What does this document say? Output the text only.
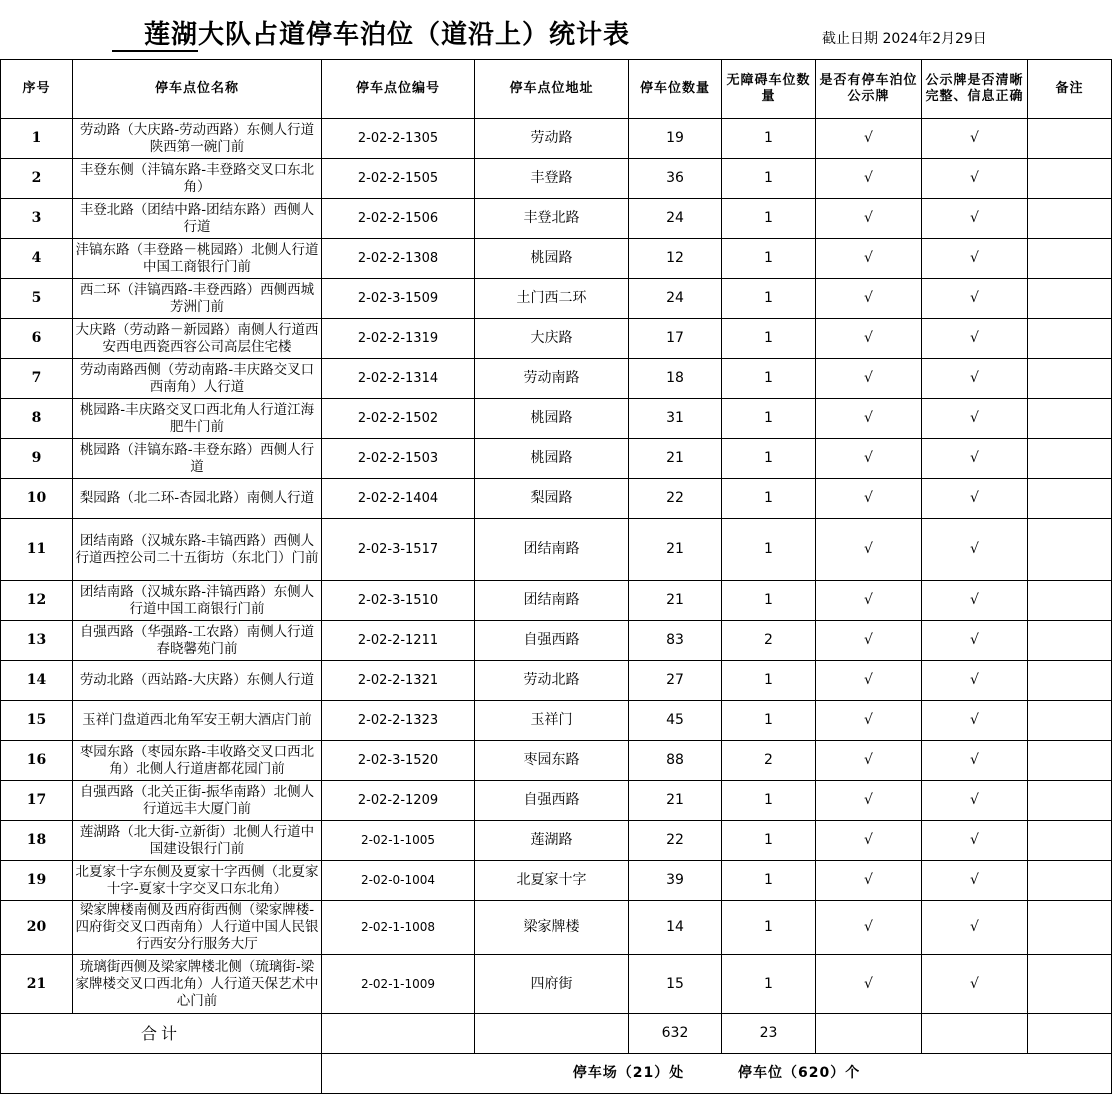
莲湖大队占道停车泊位（道沿上）统计表	截止日期 2024年2月29日
序号	停车点位名称	停车点位编号	停车点位地址	停车位数量	无障碍车位数量	是否有停车泊位公示牌	公示牌是否清晰完整、信息正确	备注
1	劳动路（大庆路-劳动西路）东侧人行道陕西第一碗门前	2-02-2-1305	劳动路	19	1	√	√	
2	丰登东侧（沣镐东路-丰登路交叉口东北角）	2-02-2-1505	丰登路	36	1	√	√	
3	丰登北路（团结中路-团结东路）西侧人行道	2-02-2-1506	丰登北路	24	1	√	√	
4	沣镐东路（丰登路－桃园路）北侧人行道中国工商银行门前	2-02-2-1308	桃园路	12	1	√	√	
5	西二环（沣镐西路-丰登西路）西侧西城芳洲门前	2-02-3-1509	土门西二环	24	1	√	√	
6	大庆路（劳动路－新园路）南侧人行道西安西电西瓷西容公司高层住宅楼	2-02-2-1319	大庆路	17	1	√	√	
7	劳动南路西侧（劳动南路-丰庆路交叉口西南角）人行道	2-02-2-1314	劳动南路	18	1	√	√	
8	桃园路-丰庆路交叉口西北角人行道江海肥牛门前	2-02-2-1502	桃园路	31	1	√	√	
9	桃园路（沣镐东路-丰登东路）西侧人行道	2-02-2-1503	桃园路	21	1	√	√	
10	梨园路（北二环-杏园北路）南侧人行道	2-02-2-1404	梨园路	22	1	√	√	
11	团结南路（汉城东路-丰镐西路）西侧人行道西控公司二十五街坊（东北门）门前	2-02-3-1517	团结南路	21	1	√	√	
12	团结南路（汉城东路-沣镐西路）东侧人行道中国工商银行门前	2-02-3-1510	团结南路	21	1	√	√	
13	自强西路（华强路-工农路）南侧人行道春晓馨苑门前	2-02-2-1211	自强西路	83	2	√	√	
14	劳动北路（西站路-大庆路）东侧人行道	2-02-2-1321	劳动北路	27	1	√	√	
15	玉祥门盘道西北角军安王朝大酒店门前	2-02-2-1323	玉祥门	45	1	√	√	
16	枣园东路（枣园东路-丰收路交叉口西北角）北侧人行道唐都花园门前	2-02-3-1520	枣园东路	88	2	√	√	
17	自强西路（北关正街-振华南路）北侧人行道远丰大厦门前	2-02-2-1209	自强西路	21	1	√	√	
18	莲湖路（北大街-立新街）北侧人行道中国建设银行门前	2-02-1-1005	莲湖路	22	1	√	√	
19	北夏家十字东侧及夏家十字西侧（北夏家十字-夏家十字交叉口东北角）	2-02-0-1004	北夏家十字	39	1	√	√	
20	梁家牌楼南侧及西府街西侧（梁家牌楼-四府街交叉口西南角）人行道中国人民银行西安分行服务大厅	2-02-1-1008	梁家牌楼	14	1	√	√	
21	琉璃街西侧及梁家牌楼北侧（琉璃街-梁家牌楼交叉口西北角）人行道天保艺术中心门前	2-02-1-1009	四府街	15	1	√	√	
合计				632	23			
		停车场（21）处 停车位（620）个						
